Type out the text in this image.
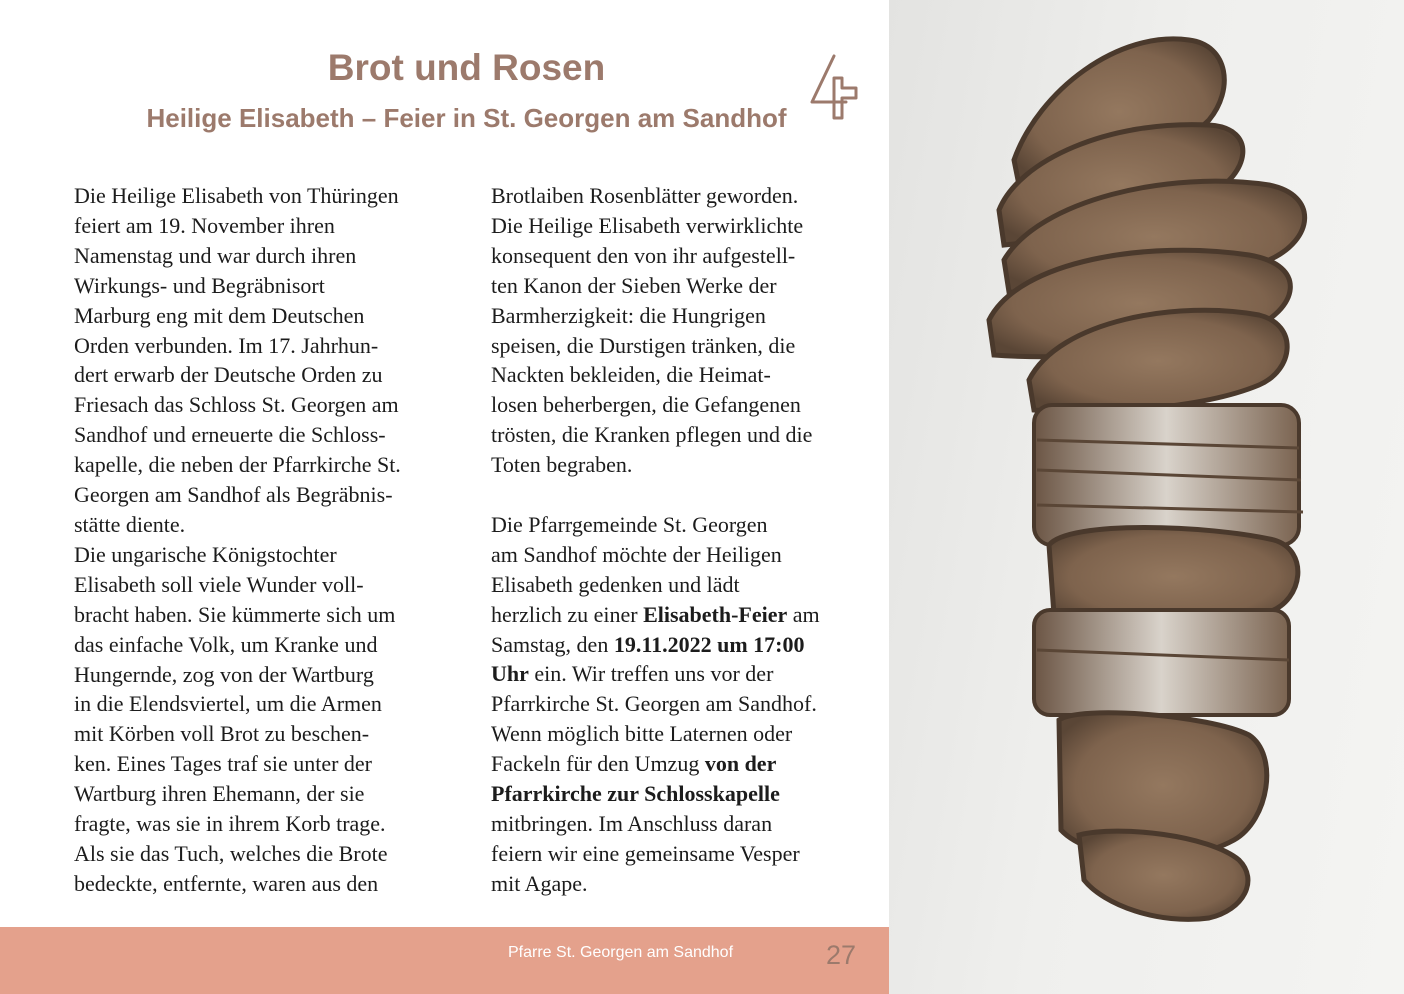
Brot und Rosen
Heilige Elisabeth – Feier in St. Georgen am Sandhof

Die Heilige Elisabeth von Thüringen

feiert am 19. November ihren

Namenstag und war durch ihren

Wirkungs- und Begräbnisort

Marburg eng mit dem Deutschen

Orden verbunden. Im 17. Jahrhun-

dert erwarb der Deutsche Orden zu

Friesach das Schloss St. Georgen am

Sandhof und erneuerte die Schloss-

kapelle, die neben der Pfarrkirche St.

Georgen am Sandhof als Begräbnis-

stätte diente.

Die ungarische Königstochter

Elisabeth soll viele Wunder voll-

bracht haben. Sie kümmerte sich um

das einfache Volk, um Kranke und

Hungernde, zog von der Wartburg

in die Elendsviertel, um die Armen

mit Körben voll Brot zu beschen-

ken. Eines Tages traf sie unter der

Wartburg ihren Ehemann, der sie

fragte, was sie in ihrem Korb trage.

Als sie das Tuch, welches die Brote

bedeckte, entfernte, waren aus den

Brotlaiben Rosenblätter geworden.

Die Heilige Elisabeth verwirklichte

konsequent den von ihr aufgestell-

ten Kanon der Sieben Werke der

Barmherzigkeit: die Hungrigen

speisen, die Durstigen tränken, die

Nackten bekleiden, die Heimat-

losen beherbergen, die Gefangenen

trösten, die Kranken pflegen und die

Toten begraben.

Die Pfarrgemeinde St. Georgen

am Sandhof möchte der Heiligen

Elisabeth gedenken und lädt

herzlich zu einer Elisabeth-Feier am

Samstag, den 19.11.2022 um 17:00

Uhr ein. Wir treffen uns vor der

Pfarrkirche St. Georgen am Sandhof.

Wenn möglich bitte Laternen oder

Fackeln für den Umzug von der

Pfarrkirche zur Schlosskapelle

mitbringen. Im Anschluss daran

feiern wir eine gemeinsame Vesper

mit Agape.

Pfarre St. Georgen am Sandhof	27
